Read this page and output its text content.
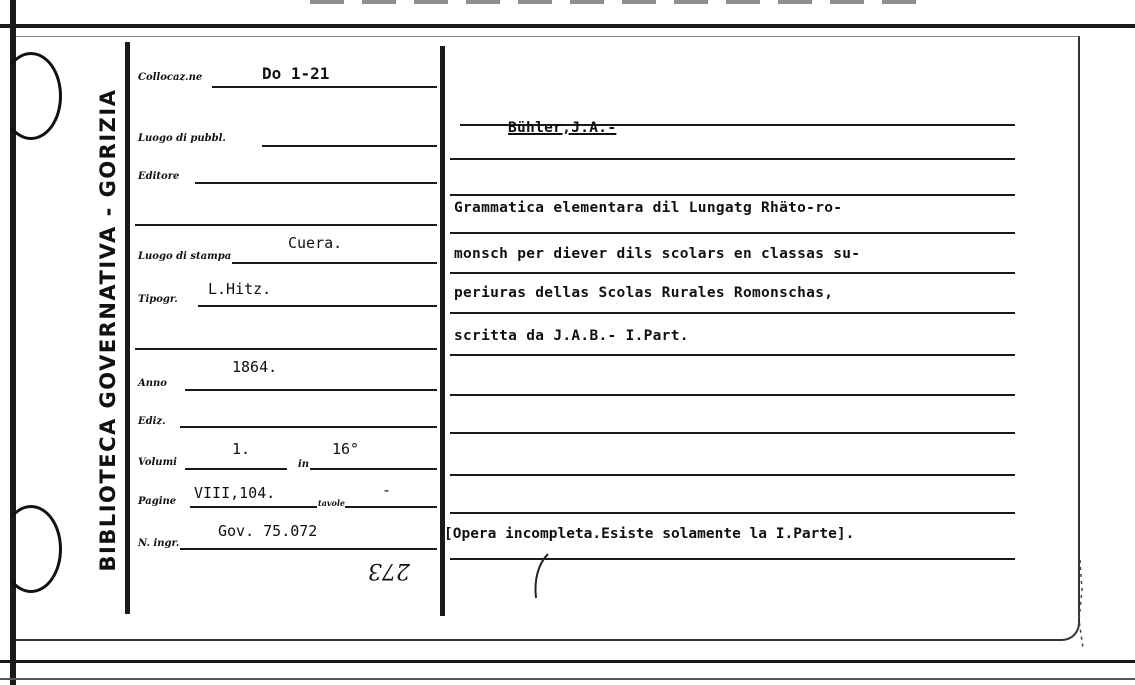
BIBLIOTECA GOVERNATIVA - GORIZIA
Collocaz.ne	Do 1-21
Luogo di pubbl.
Editore
Luogo di stampa
Cuera.
Tipogr.
L.Hitz.
Anno
1864.
Ediz.
Volumi
1.
in
16°
Pagine VIII,104.
tavole
-
N. ingr.
Gov. 75.072
273
Bühler,J.A.-
Grammatica elementara dil Lungatg Rhäto-ro-
monsch per diever dils scolars en classas su-
periuras dellas Scolas Rurales Romonschas,
scritta da J.A.B.- I.Part.
[Opera incompleta.Esiste solamente la I.Parte].
